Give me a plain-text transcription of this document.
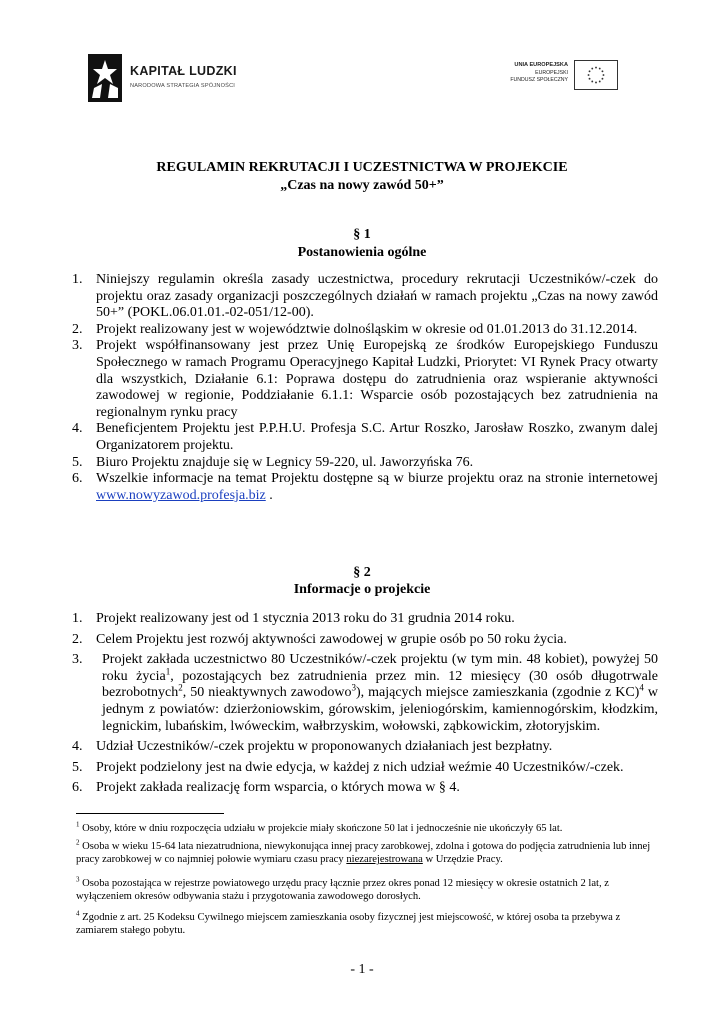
KAPITAŁ LUDZKI
NARODOWA STRATEGIA SPÓJNOŚCI
UNIA EUROPEJSKA
EUROPEJSKI
FUNDUSZ SPOŁECZNY
REGULAMIN REKRUTACJI I UCZESTNICTWA W PROJEKCIE
„Czas na nowy zawód 50+”
§ 1
Postanowienia ogólne
1. Niniejszy regulamin określa zasady uczestnictwa, procedury rekrutacji Uczestników/-czek do projektu oraz zasady organizacji poszczególnych działań w ramach projektu „Czas na nowy zawód 50+” (POKL.06.01.01.-02-051/12-00).
2. Projekt realizowany jest w województwie dolnośląskim w okresie od 01.01.2013 do 31.12.2014.
3. Projekt współfinansowany jest przez Unię Europejską ze środków Europejskiego Funduszu Społecznego w ramach Programu Operacyjnego Kapitał Ludzki, Priorytet: VI Rynek Pracy otwarty dla wszystkich, Działanie 6.1: Poprawa dostępu do zatrudnienia oraz wspieranie aktywności zawodowej w regionie, Poddziałanie 6.1.1: Wsparcie osób pozostających bez zatrudnienia na regionalnym rynku pracy
4. Beneficjentem Projektu jest P.P.H.U. Profesja S.C. Artur Roszko, Jarosław Roszko, zwanym dalej Organizatorem projektu.
5. Biuro Projektu znajduje się w Legnicy 59-220, ul. Jaworzyńska 76.
6. Wszelkie informacje na temat Projektu dostępne są w biurze projektu oraz na stronie internetowej www.nowyzawod.profesja.biz .
§ 2
Informacje o projekcie
1. Projekt realizowany jest od 1 stycznia 2013 roku do 31 grudnia 2014 roku.
2. Celem Projektu jest rozwój aktywności zawodowej w grupie osób po 50 roku życia.
3. Projekt zakłada uczestnictwo 80 Uczestników/-czek projektu (w tym min. 48 kobiet), powyżej 50 roku życia$^1$, pozostających bez zatrudnienia przez min. 12 miesięcy (30 osób długotrwale bezrobotnych$^2$, 50 nieaktywnych zawodowo$^3$), mających miejsce zamieszkania (zgodnie z KC)$^4$ w jednym z powiatów: dzierżoniowskim, górowskim, jeleniogórskim, kamiennogórskim, kłodzkim, legnickim, lubańskim, lwóweckim, wałbrzyskim, wołowski, ząbkowickim, złotoryjskim.
4. Udział Uczestników/-czek projektu w proponowanych działaniach jest bezpłatny.
5. Projekt podzielony jest na dwie edycja, w każdej z nich udział weźmie 40 Uczestników/-czek.
6. Projekt zakłada realizację form wsparcia, o których mowa w § 4.
$^1$ Osoby, które w dniu rozpoczęcia udziału w projekcie miały skończone 50 lat i jednocześnie nie ukończyły 65 lat.
$^2$ Osoba w wieku 15-64 lata niezatrudniona, niewykonująca innej pracy zarobkowej, zdolna i gotowa do podjęcia zatrudnienia lub innej pracy zarobkowej w co najmniej połowie wymiaru czasu pracy niezarejestrowana w Urzędzie Pracy.
$^3$ Osoba pozostająca w rejestrze powiatowego urzędu pracy łącznie przez okres ponad 12 miesięcy w okresie ostatnich 2 lat, z wyłączeniem okresów odbywania stażu i przygotowania zawodowego dorosłych.
$^4$ Zgodnie z art. 25 Kodeksu Cywilnego miejscem zamieszkania osoby fizycznej jest miejscowość, w której osoba ta przebywa z zamiarem stałego pobytu.
- 1 -
